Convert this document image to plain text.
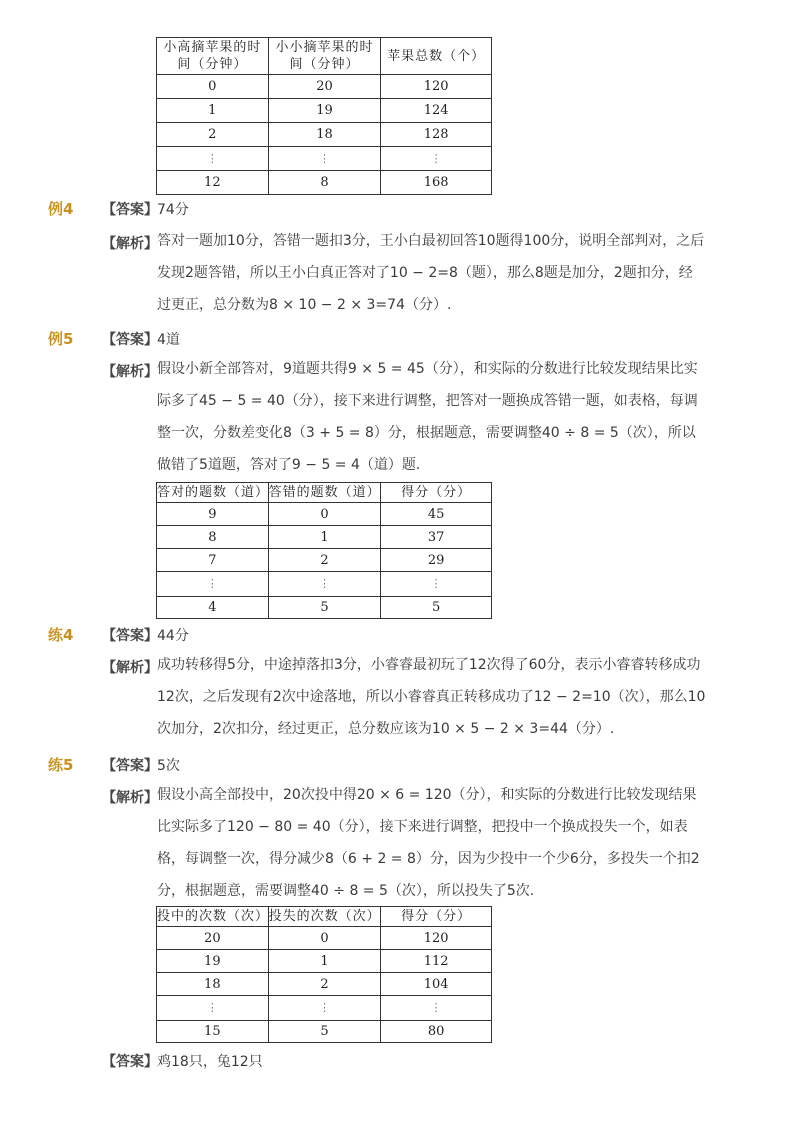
小高摘苹果的时间（分钟）	小小摘苹果的时间（分钟）	苹果总数（个）
0	20	120
1	19	124
2	18	128
⋮	⋮	⋮
12	8	168
例4 【答案】 74分
【解析】 答对一题加10分，答错一题扣3分，王小白最初回答10题得100分，说明全部判对，之后
发现2题答错，所以王小白真正答对了10 − 2=8（题），那么8题是加分，2题扣分，经
过更正，总分数为8 × 10 − 2 × 3=74（分）.
例5 【答案】 4道
【解析】 假设小新全部答对，9道题共得9 × 5 = 45（分），和实际的分数进行比较发现结果比实
际多了45 − 5 = 40（分），接下来进行调整，把答对一题换成答错一题，如表格，每调
整一次，分数差变化8（3 + 5 = 8）分，根据题意，需要调整40 ÷ 8 = 5（次），所以
做错了5道题，答对了9 − 5 = 4（道）题.
答对的题数（道）	答错的题数（道）	得分（分）
9	0	45
8	1	37
7	2	29
⋮	⋮	⋮
4	5	5
练4 【答案】 44分
【解析】 成功转移得5分，中途掉落扣3分，小睿睿最初玩了12次得了60分，表示小睿睿转移成功
12次，之后发现有2次中途落地，所以小睿睿真正转移成功了12 − 2=10（次），那么10
次加分，2次扣分，经过更正，总分数应该为10 × 5 − 2 × 3=44（分）.
练5 【答案】 5次
【解析】 假设小高全部投中，20次投中得20 × 6 = 120（分），和实际的分数进行比较发现结果
比实际多了120 − 80 = 40（分），接下来进行调整，把投中一个换成投失一个，如表
格，每调整一次，得分减少8（6 + 2 = 8）分，因为少投中一个少6分，多投失一个扣2
分，根据题意，需要调整40 ÷ 8 = 5（次），所以投失了5次.
投中的次数（次）	投失的次数（次）	得分（分）
20	0	120
19	1	112
18	2	104
⋮	⋮	⋮
15	5	80
【答案】 鸡18只，兔12只
